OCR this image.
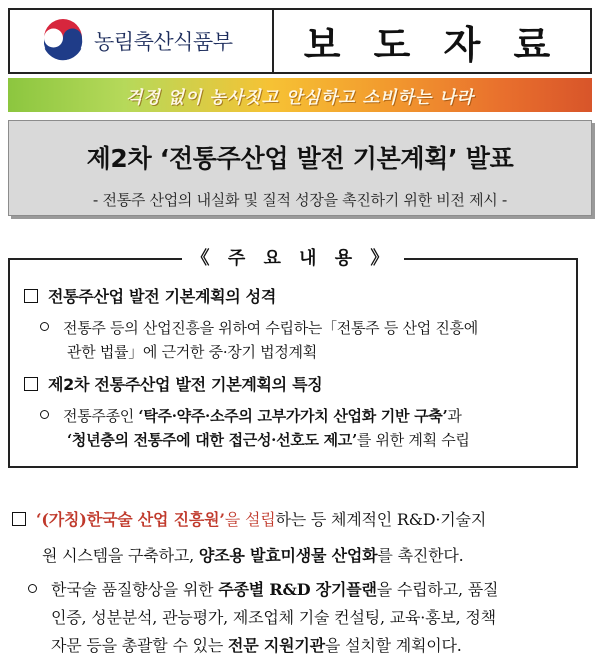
농림축산식품부 보 도 자 료
걱정 없이 농사짓고 안심하고 소비하는 나라
제2차 ‘전통주산업 발전 기본계획’ 발표
- 전통주 산업의 내실화 및 질적 성장을 촉진하기 위한 비전 제시 -
《 주 요 내 용 》
전통주산업 발전 기본계획의 성격
전통주 등의 산업진흥을 위하여 수립하는「전통주 등 산업 진흥에
관한 법률」에 근거한 중·장기 법정계획
제2차 전통주산업 발전 기본계획의 특징
전통주종인 ‘탁주·약주·소주의 고부가가치 산업화 기반 구축’과
‘청년층의 전통주에 대한 접근성·선호도 제고’를 위한 계획 수립
‘(가칭)한국술 산업 진흥원’을 설립하는 등 체계적인 R&D·기술지
원 시스템을 구축하고, 양조용 발효미생물 산업화를 촉진한다.
한국술 품질향상을 위한 주종별 R&D 장기플랜을 수립하고, 품질
인증, 성분분석, 관능평가, 제조업체 기술 컨설팅, 교육·홍보, 정책
자문 등을 총괄할 수 있는 전문 지원기관을 설치할 계획이다.
